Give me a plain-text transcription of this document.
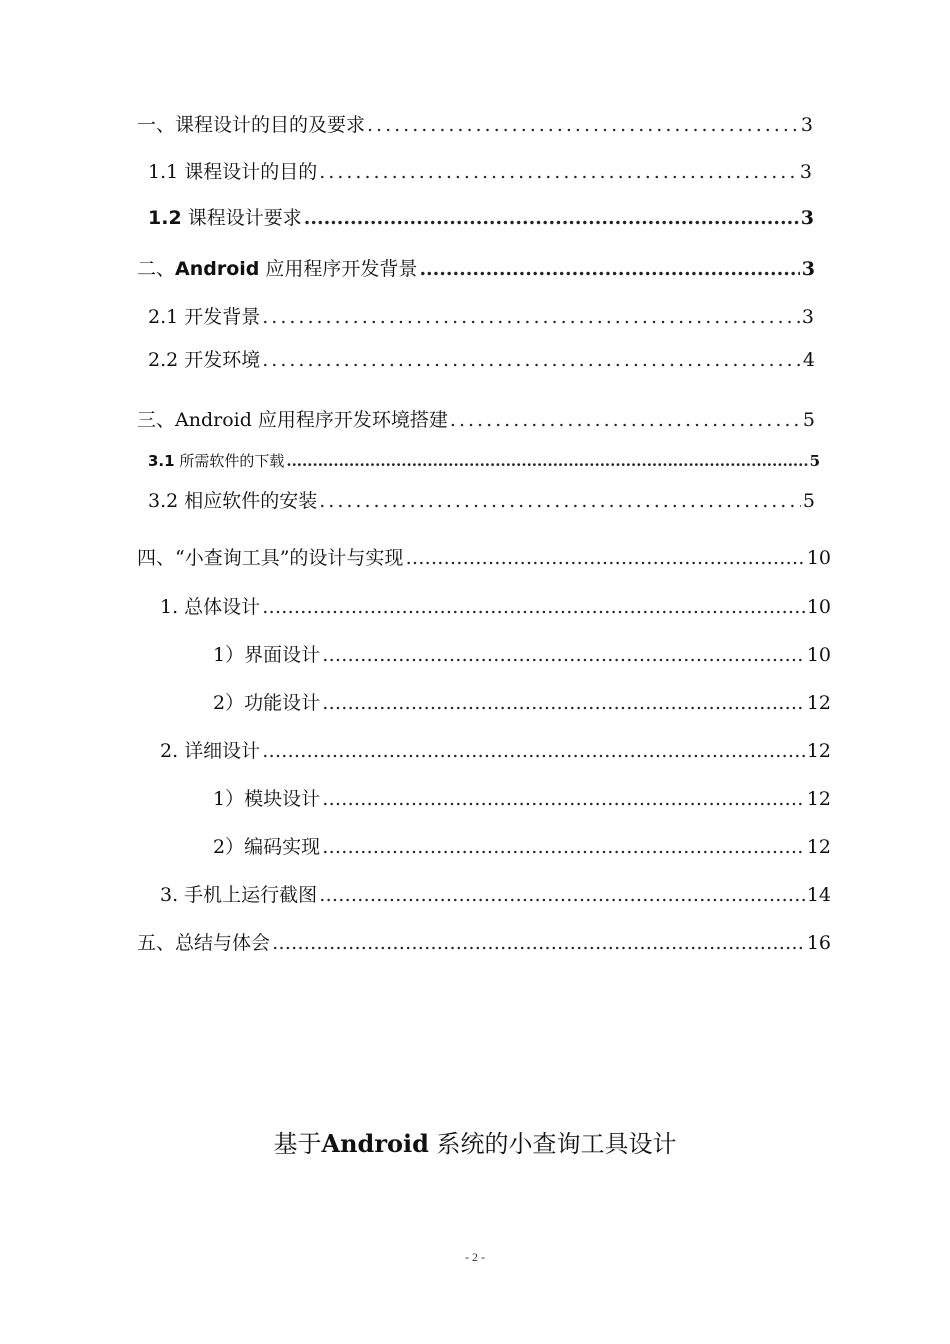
一、课程设计的目的及要求 .....	3
1.1 课程设计的目的 .....	3
1.2 课程设计要求 .....	3
二、Android 应用程序开发背景 .....	3
2.1 开发背景 .....	3
2.2 开发环境 .....	4
三、Android 应用程序开发环境搭建 .....	5
3.1 所需软件的下载 .....	5
3.2 相应软件的安装 .....	5
四、“小查询工具”的设计与实现 ……………………………………………………………………………………………………………………………………………	10
1. 总体设计 ……………………………………………………………………………………………………………………………………………	10
1）界面设计 ……………………………………………………………………………………………………………………………………………	10
2）功能设计 ……………………………………………………………………………………………………………………………………………	12
2. 详细设计 ……………………………………………………………………………………………………………………………………………	12
1）模块设计 ……………………………………………………………………………………………………………………………………………	12
2）编码实现 ……………………………………………………………………………………………………………………………………………	12
3. 手机上运行截图 ……………………………………………………………………………………………………………………………………………	14
五、总结与体会 ……………………………………………………………………………………………………………………………………………	16
基于Android 系统的小查询工具设计
- 2 -
